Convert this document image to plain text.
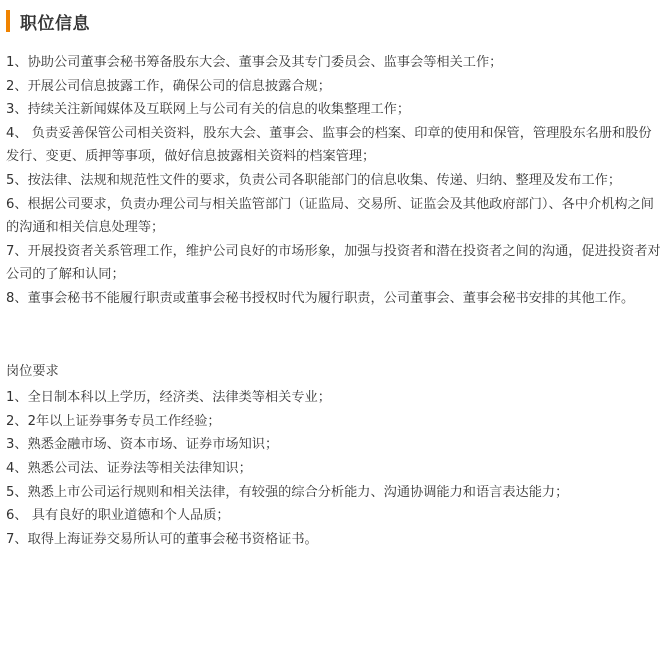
职位信息
1、协助公司董事会秘书筹备股东大会、董事会及其专门委员会、监事会等相关工作；
2、开展公司信息披露工作，确保公司的信息披露合规；
3、持续关注新闻媒体及互联网上与公司有关的信息的收集整理工作；
4、 负责妥善保管公司相关资料，股东大会、董事会、监事会的档案、印章的使用和保管，管理股东名册和股份发行、变更、质押等事项，做好信息披露相关资料的档案管理；
5、按法律、法规和规范性文件的要求，负责公司各职能部门的信息收集、传递、归纳、整理及发布工作；
6、根据公司要求，负责办理公司与相关监管部门（证监局、交易所、证监会及其他政府部门）、各中介机构之间的沟通和相关信息处理等；
7、开展投资者关系管理工作，维护公司良好的市场形象，加强与投资者和潜在投资者之间的沟通，促进投资者对公司的了解和认同；
8、董事会秘书不能履行职责或董事会秘书授权时代为履行职责，公司董事会、董事会秘书安排的其他工作。
岗位要求
1、全日制本科以上学历，经济类、法律类等相关专业；
2、2年以上证券事务专员工作经验；
3、熟悉金融市场、资本市场、证券市场知识；
4、熟悉公司法、证券法等相关法律知识；
5、熟悉上市公司运行规则和相关法律，有较强的综合分析能力、沟通协调能力和语言表达能力；
6、 具有良好的职业道德和个人品质；
7、取得上海证券交易所认可的董事会秘书资格证书。
